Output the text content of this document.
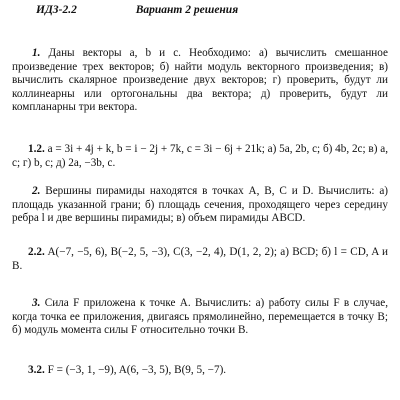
ИДЗ-2.2	Вариант 2 решения

1. Даны векторы a, b и c. Необходимо: а) вычислить смешанное произведение трех векторов; б) найти модуль векторного произведения; в) вычислить скалярное произведение двух векторов; г) проверить, будут ли коллинеарны или ортогональны два вектора; д) проверить, будут ли компланарны три вектора.

1.2. a = 3i + 4j + k, b = i − 2j + 7k, c = 3i − 6j + 21k; а) 5a, 2b, c; б) 4b, 2c; в) a, c; г) b, c; д) 2a, −3b, c.

2. Вершины пирамиды находятся в точках A, B, C и D. Вычислить: а) площадь указанной грани; б) площадь сечения, проходящего через середину ребра l и две вершины пирамиды; в) объем пирамиды ABCD.

2.2. A(−7, −5, 6), B(−2, 5, −3), C(3, −2, 4), D(1, 2, 2); а) BCD; б) l = CD, A и B.

3. Сила F приложена к точке A. Вычислить: а) работу силы F в случае, когда точка ее приложения, двигаясь прямолинейно, перемещается в точку B; б) модуль момента силы F относительно точки B.

3.2. F = (−3, 1, −9), A(6, −3, 5), B(9, 5, −7).
